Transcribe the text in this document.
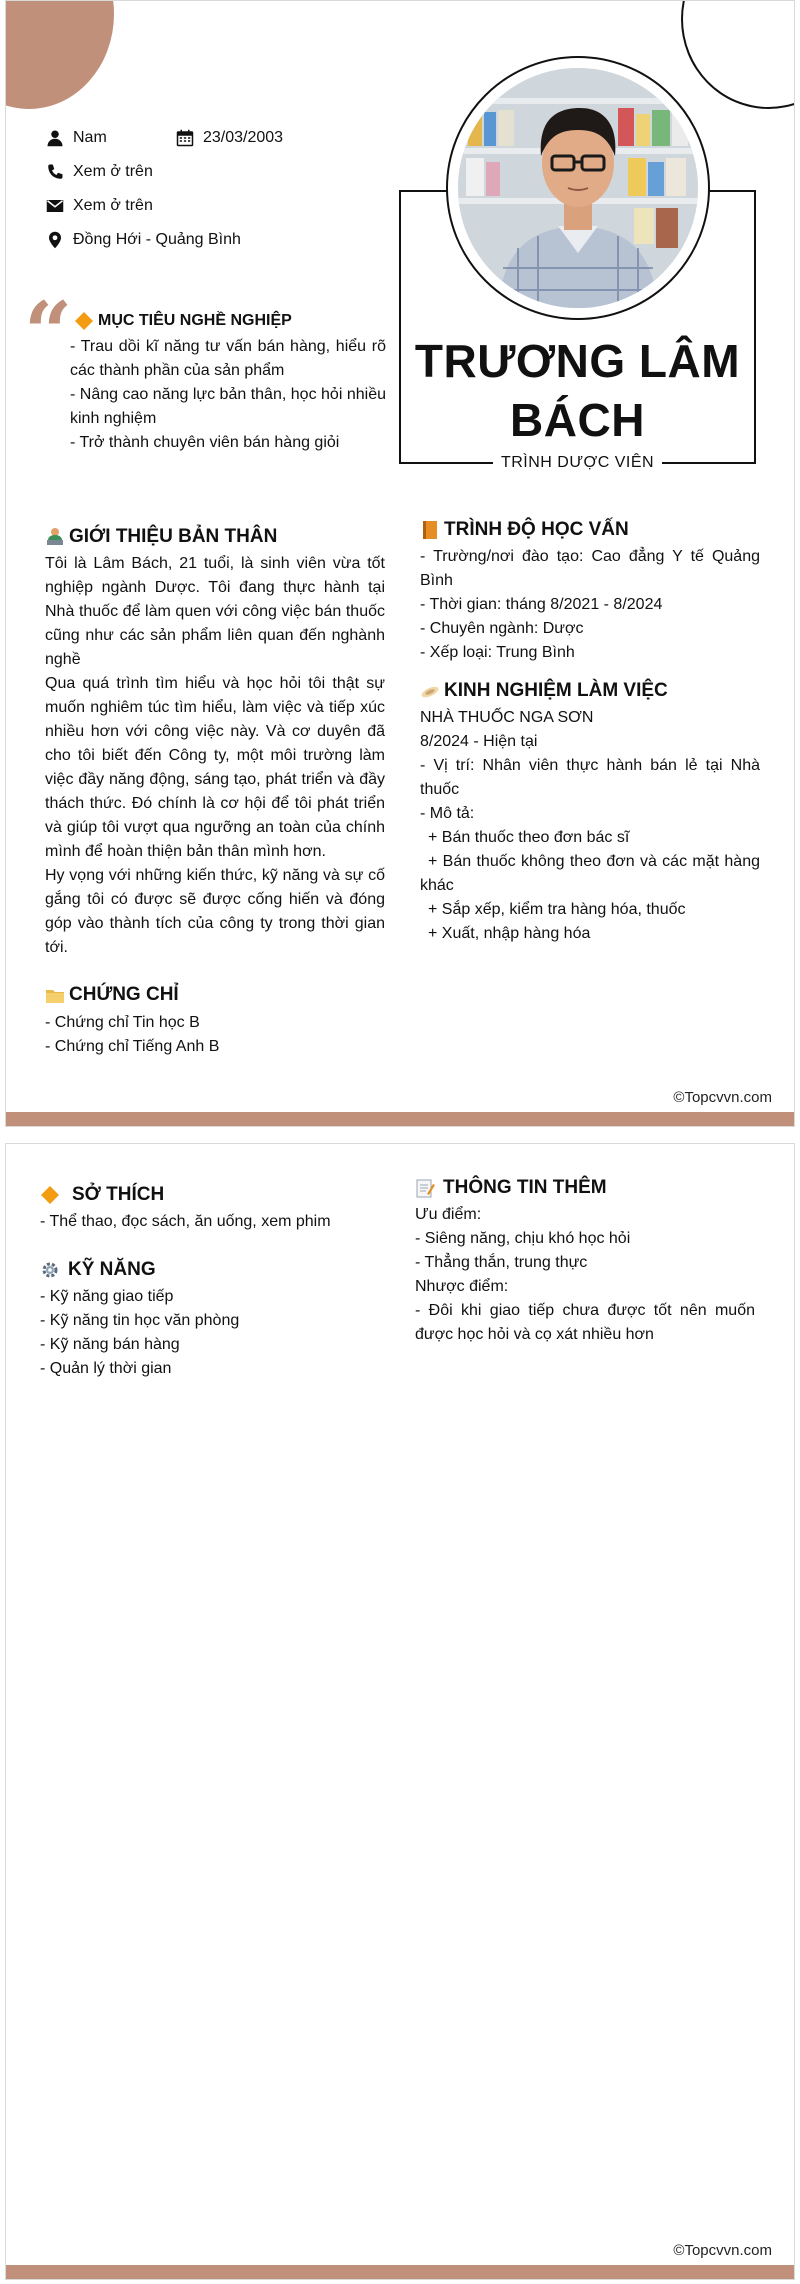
Nam	23/03/2003
Xem ở trên
Xem ở trên
Đồng Hới - Quảng Bình
TRƯƠNG LÂM
BÁCH
TRÌNH DƯỢC VIÊN
“ MỤC TIÊU NGHỀ NGHIỆP
- Trau dồi kĩ năng tư vấn bán hàng, hiểu rõ các thành phần của sản phẩm
- Nâng cao năng lực bản thân, học hỏi nhiều kinh nghiệm
- Trở thành chuyên viên bán hàng giỏi
GIỚI THIỆU BẢN THÂN
Tôi là Lâm Bách, 21 tuổi, là sinh viên vừa tốt nghiệp ngành Dược. Tôi đang thực hành tại Nhà thuốc để làm quen với công việc bán thuốc cũng như các sản phẩm liên quan đến nghành nghề
Qua quá trình tìm hiểu và học hỏi tôi thật sự muốn nghiêm túc tìm hiểu, làm việc và tiếp xúc nhiều hơn với công việc này. Và cơ duyên đã cho tôi biết đến Công ty, một môi trường làm việc đầy năng động, sáng tạo, phát triển và đầy thách thức. Đó chính là cơ hội để tôi phát triển và giúp tôi vượt qua ngưỡng an toàn của chính mình để hoàn thiện bản thân mình hơn.
Hy vọng với những kiến thức, kỹ năng và sự cố gắng tôi có được sẽ được cống hiến và đóng góp vào thành tích của công ty trong thời gian tới.
CHỨNG CHỈ
- Chứng chỉ Tin học B
- Chứng chỉ Tiếng Anh B
TRÌNH ĐỘ HỌC VẤN
- Trường/nơi đào tạo: Cao đẳng Y tế Quảng Bình
- Thời gian: tháng 8/2021 - 8/2024
- Chuyên ngành: Dược
- Xếp loại: Trung Bình
KINH NGHIỆM LÀM VIỆC
NHÀ THUỐC NGA SƠN
8/2024 - Hiện tại
- Vị trí: Nhân viên thực hành bán lẻ tại Nhà thuốc
- Mô tả:
+ Bán thuốc theo đơn bác sĩ
+ Bán thuốc không theo đơn và các mặt hàng khác
+ Sắp xếp, kiểm tra hàng hóa, thuốc
+ Xuất, nhập hàng hóa
©Topcvvn.com
SỞ THÍCH
- Thể thao, đọc sách, ăn uống, xem phim
KỸ NĂNG
- Kỹ năng giao tiếp
- Kỹ năng tin học văn phòng
- Kỹ năng bán hàng
- Quản lý thời gian
THÔNG TIN THÊM
Ưu điểm:
- Siêng năng, chịu khó học hỏi
- Thẳng thắn, trung thực
Nhược điểm:
- Đôi khi giao tiếp chưa được tốt nên muốn được học hỏi và cọ xát nhiều hơn
©Topcvvn.com
